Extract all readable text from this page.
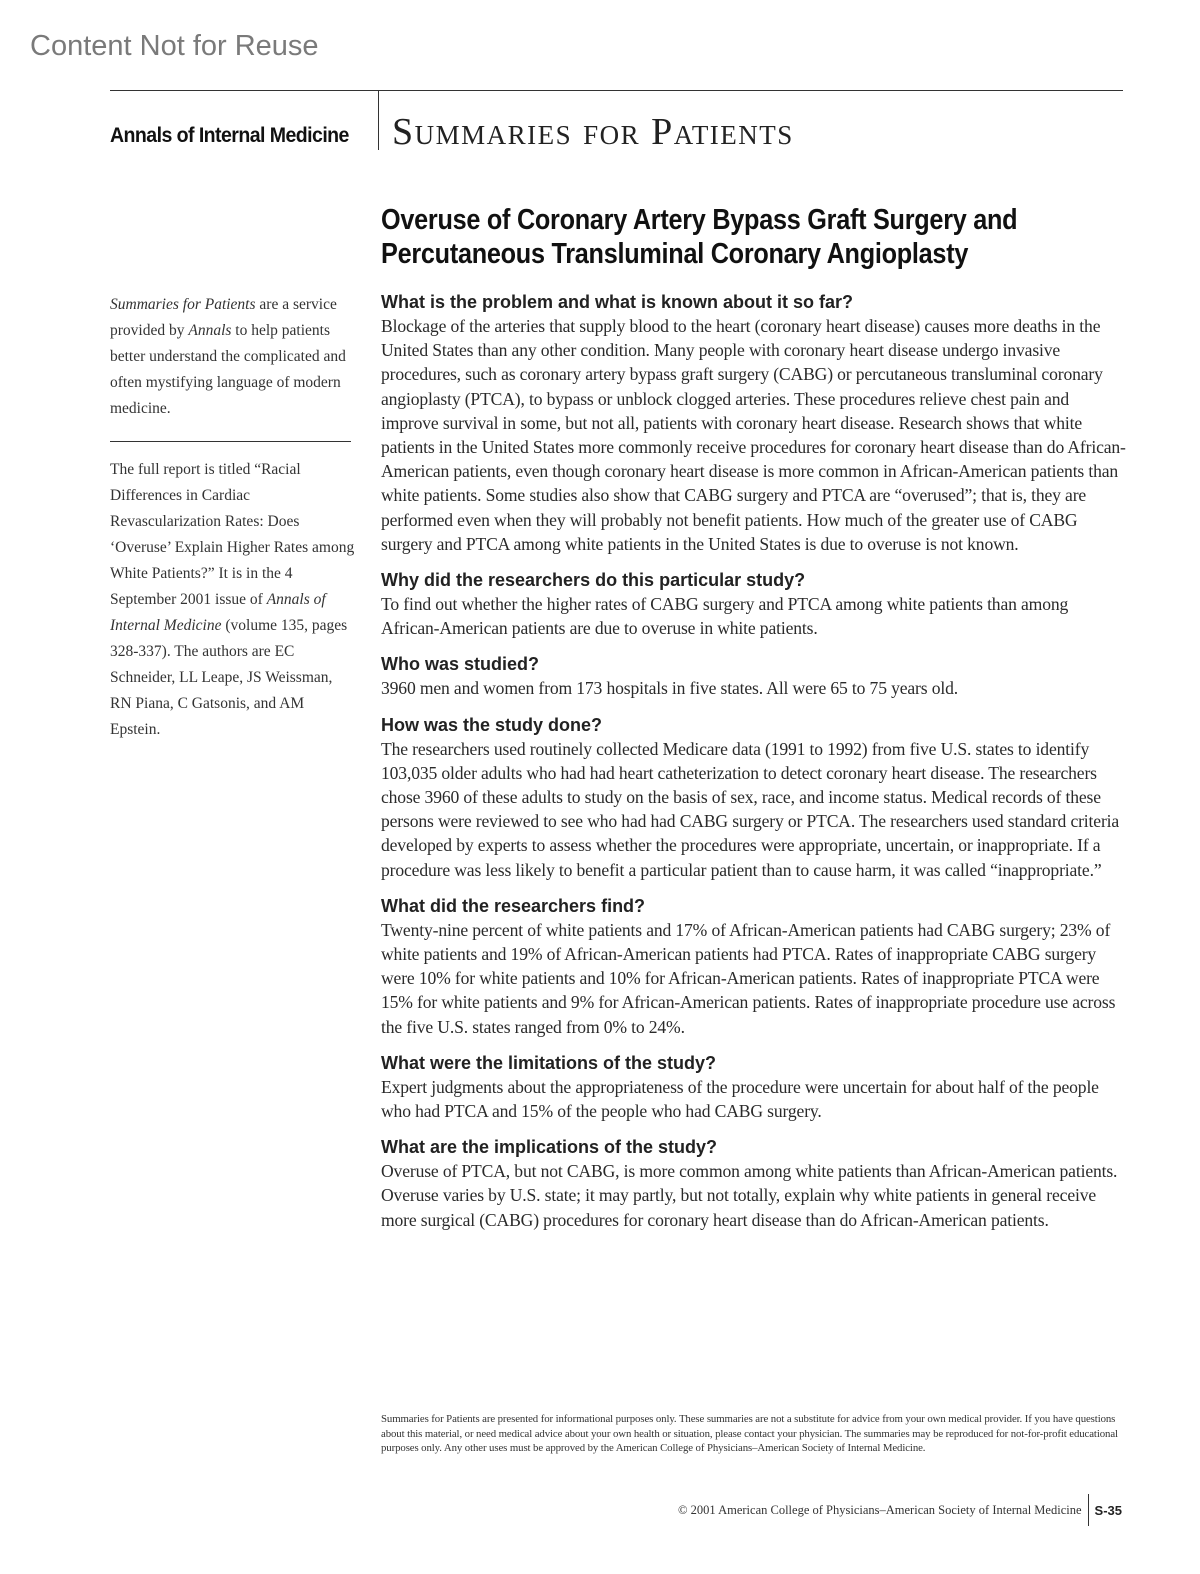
Content Not for Reuse
Annals of Internal Medicine Summaries for Patients
Overuse of Coronary Artery Bypass Graft Surgery and
Percutaneous Transluminal Coronary Angioplasty

Summaries for Patients are a service provided by Annals to help patients better understand the complicated and often mystifying language of modern medicine.

The full report is titled “Racial Differences in Cardiac Revascularization Rates: Does ‘Overuse’ Explain Higher Rates among White Patients?” It is in the 4 September 2001 issue of Annals of Internal Medicine (volume 135, pages 328-337). The authors are EC Schneider, LL Leape, JS Weissman, RN Piana, C Gatsonis, and AM Epstein.

What is the problem and what is known about it so far?

Blockage of the arteries that supply blood to the heart (coronary heart disease) causes more deaths in the United States than any other condition. Many people with coronary heart disease undergo invasive procedures, such as coronary artery bypass graft surgery (CABG) or percutaneous transluminal coronary angioplasty (PTCA), to bypass or unblock clogged arteries. These procedures relieve chest pain and improve survival in some, but not all, patients with coronary heart disease. Research shows that white patients in the United States more commonly receive procedures for coronary heart disease than do African-American patients, even though coronary heart disease is more common in African-American patients than white patients. Some studies also show that CABG surgery and PTCA are “overused”; that is, they are performed even when they will probably not benefit patients. How much of the greater use of CABG surgery and PTCA among white patients in the United States is due to overuse is not known.

Why did the researchers do this particular study?

To find out whether the higher rates of CABG surgery and PTCA among white patients than among African-American patients are due to overuse in white patients.

Who was studied?

3960 men and women from 173 hospitals in five states. All were 65 to 75 years old.

How was the study done?

The researchers used routinely collected Medicare data (1991 to 1992) from five U.S. states to identify 103,035 older adults who had had heart catheterization to detect coronary heart disease. The researchers chose 3960 of these adults to study on the basis of sex, race, and income status. Medical records of these persons were reviewed to see who had had CABG surgery or PTCA. The researchers used standard criteria developed by experts to assess whether the procedures were appropriate, uncertain, or inappropriate. If a procedure was less likely to benefit a particular patient than to cause harm, it was called “inappropriate.”

What did the researchers find?

Twenty-nine percent of white patients and 17% of African-American patients had CABG surgery; 23% of white patients and 19% of African-American patients had PTCA. Rates of inappropriate CABG surgery were 10% for white patients and 10% for African-American patients. Rates of inappropriate PTCA were 15% for white patients and 9% for African-American patients. Rates of inappropriate procedure use across the five U.S. states ranged from 0% to 24%.

What were the limitations of the study?

Expert judgments about the appropriateness of the procedure were uncertain for about half of the people who had PTCA and 15% of the people who had CABG surgery.

What are the implications of the study?

Overuse of PTCA, but not CABG, is more common among white patients than African-American patients. Overuse varies by U.S. state; it may partly, but not totally, explain why white patients in general receive more surgical (CABG) procedures for coronary heart disease than do African-American patients.

Summaries for Patients are presented for informational purposes only. These summaries are not a substitute for advice from your own medical provider. If you have questions about this material, or need medical advice about your own health or situation, please contact your physician. The summaries may be reproduced for not-for-profit educational purposes only. Any other uses must be approved by the American College of Physicians–American Society of Internal Medicine.

© 2001 American College of Physicians–American Society of Internal Medicine S-35
